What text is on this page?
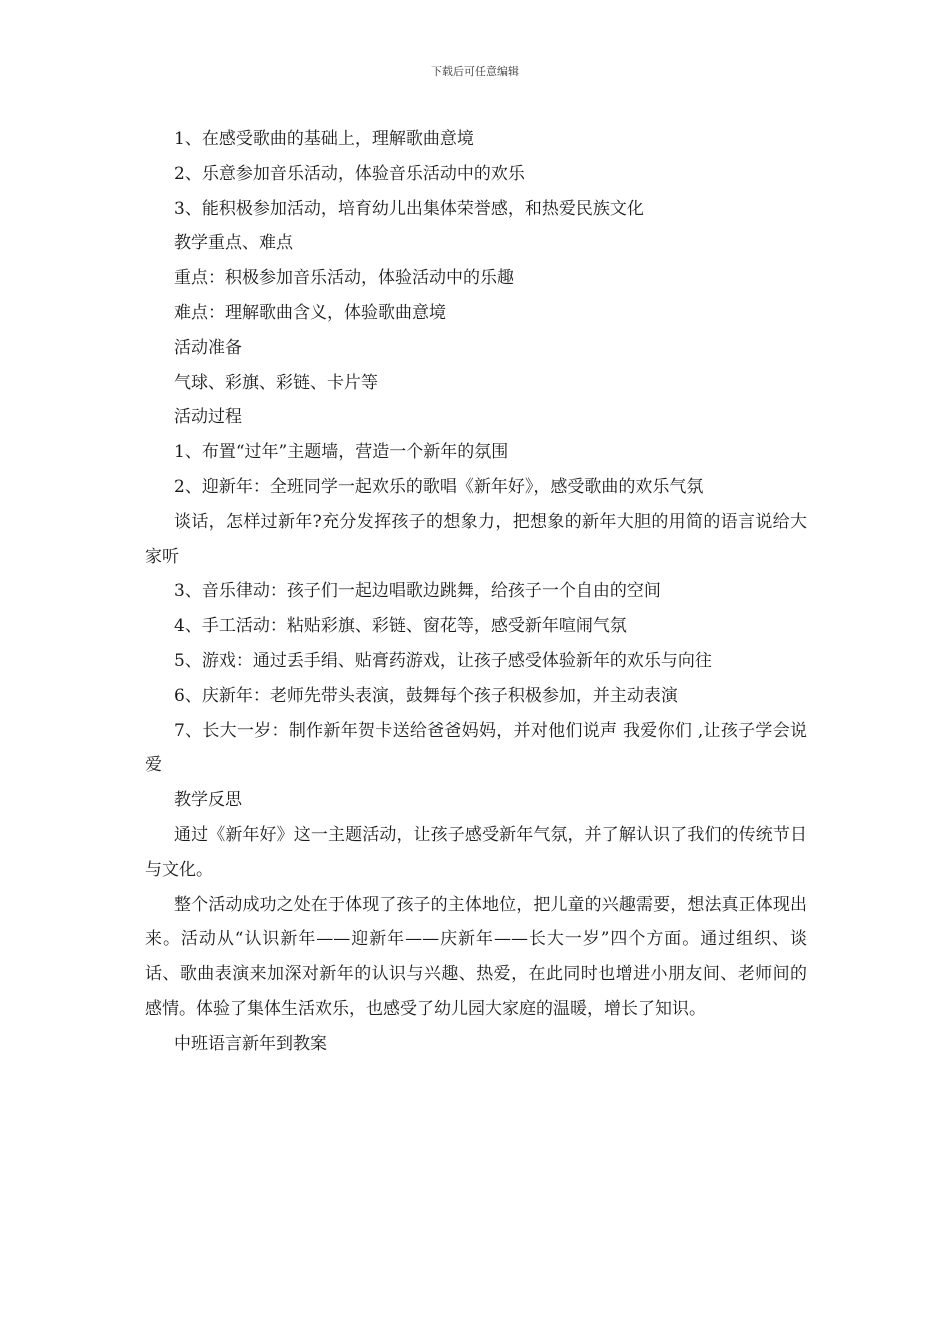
下载后可任意编辑

1、在感受歌曲的基础上，理解歌曲意境

2、乐意参加音乐活动，体验音乐活动中的欢乐

3、能积极参加活动，培育幼儿出集体荣誉感，和热爱民族文化

教学重点、难点

重点：积极参加音乐活动，体验活动中的乐趣

难点：理解歌曲含义，体验歌曲意境

活动准备

气球、彩旗、彩链、卡片等

活动过程

1、布置“过年”主题墙，营造一个新年的氛围

2、迎新年：全班同学一起欢乐的歌唱《新年好》，感受歌曲的欢乐气氛

谈话，怎样过新年?充分发挥孩子的想象力，把想象的新年大胆的用简的语言说给大家听

3、音乐律动：孩子们一起边唱歌边跳舞，给孩子一个自由的空间

4、手工活动：粘贴彩旗、彩链、窗花等，感受新年喧闹气氛

5、游戏：通过丢手绢、贴膏药游戏，让孩子感受体验新年的欢乐与向往

6、庆新年：老师先带头表演，鼓舞每个孩子积极参加，并主动表演

7、长大一岁：制作新年贺卡送给爸爸妈妈，并对他们说声 我爱你们 ,让孩子学会说爱

教学反思

通过《新年好》这一主题活动，让孩子感受新年气氛，并了解认识了我们的传统节日与文化。

整个活动成功之处在于体现了孩子的主体地位，把儿童的兴趣需要，想法真正体现出来。活动从“认识新年——迎新年——庆新年——长大一岁”四个方面。通过组织、谈话、歌曲表演来加深对新年的认识与兴趣、热爱，在此同时也增进小朋友间、老师间的感情。体验了集体生活欢乐，也感受了幼儿园大家庭的温暖，增长了知识。

中班语言新年到教案
